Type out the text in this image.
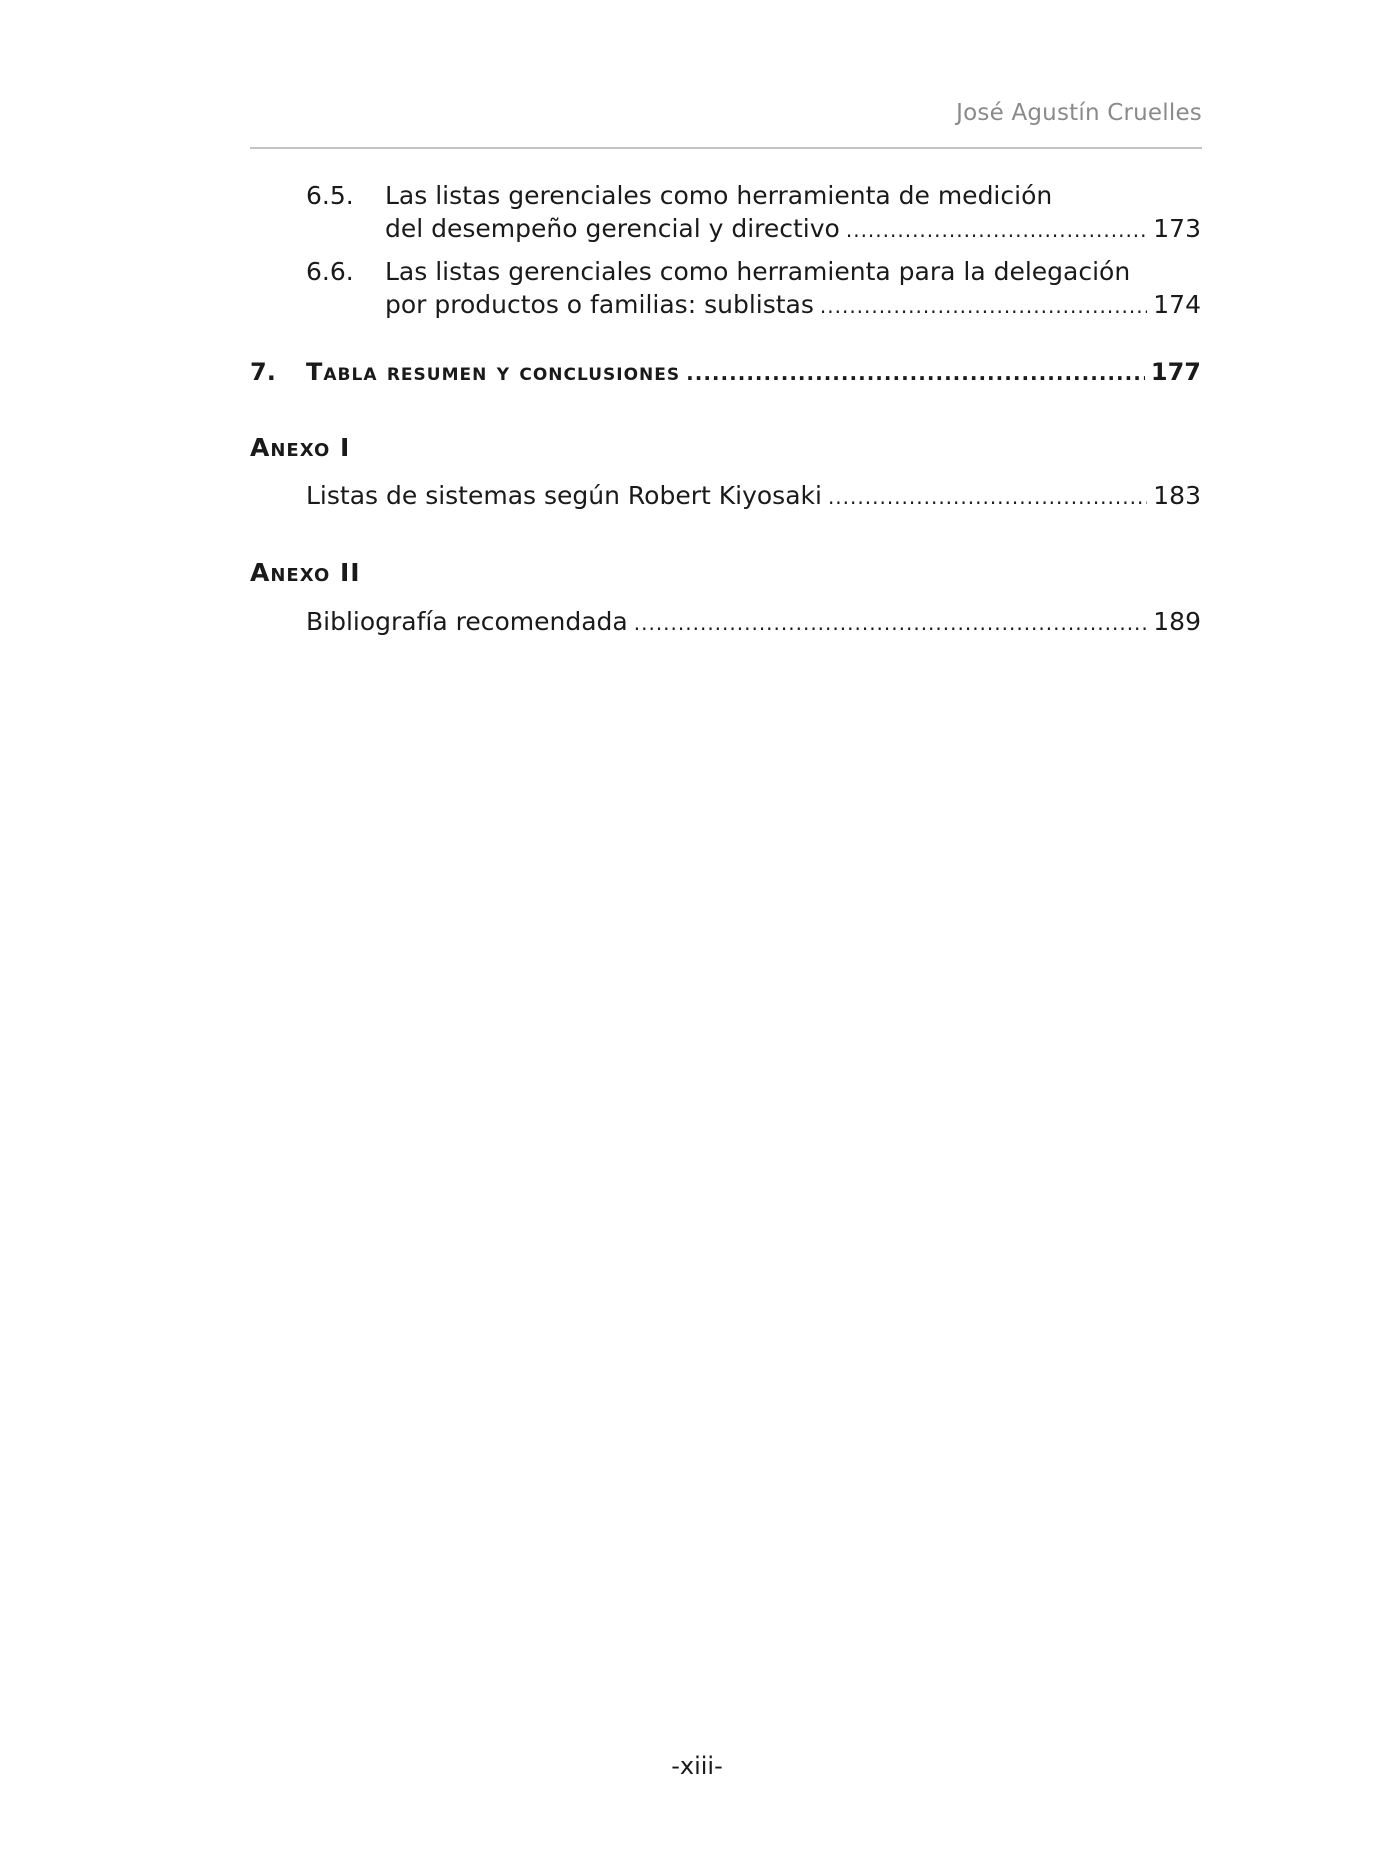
José Agustín Cruelles
6.5. Las listas gerenciales como herramienta de medición
del desempeño gerencial y directivo .....	173
6.6. Las listas gerenciales como herramienta para la delegación
por productos o familias: sublistas .....	174
7. Tabla resumen y conclusiones .....	177
Anexo I
Listas de sistemas según Robert Kiyosaki .....	183
Anexo II
Bibliografía recomendada .....	189
-xiii-
